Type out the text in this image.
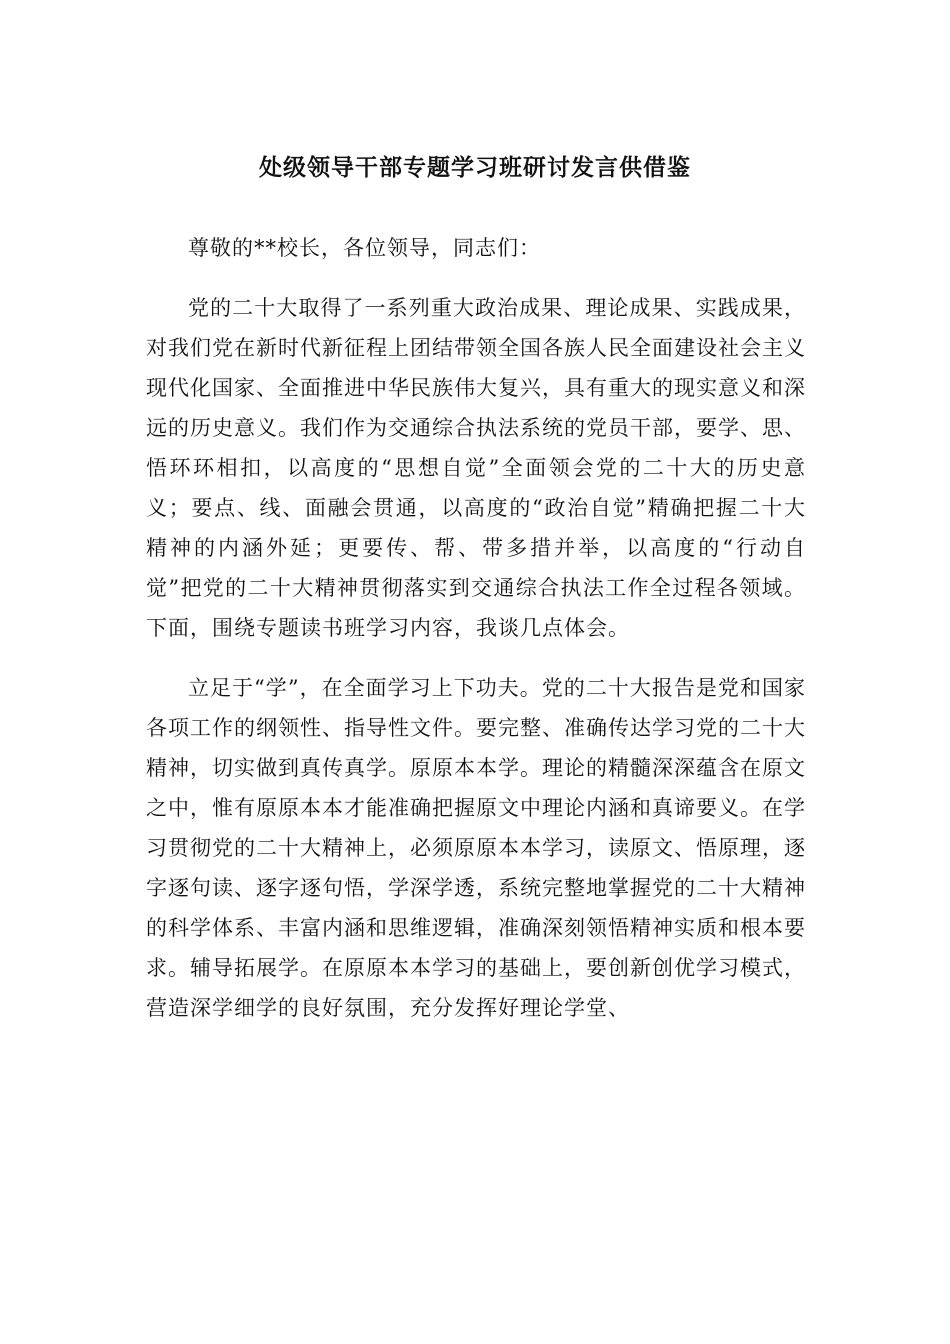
处级领导干部专题学习班研讨发言供借鉴

尊敬的**校长，各位领导，同志们：

党的二十大取得了一系列重大政治成果、理论成果、实践成果，对我们党在新时代新征程上团结带领全国各族人民全面建设社会主义现代化国家、全面推进中华民族伟大复兴，具有重大的现实意义和深远的历史意义。我们作为交通综合执法系统的党员干部，要学、思、悟环环相扣，以高度的“思想自觉”全面领会党的二十大的历史意义；要点、线、面融会贯通，以高度的“政治自觉”精确把握二十大精神的内涵外延；更要传、帮、带多措并举，以高度的“行动自觉”把党的二十大精神贯彻落实到交通综合执法工作全过程各领域。下面，围绕专题读书班学习内容，我谈几点体会。

立足于“学”，在全面学习上下功夫。党的二十大报告是党和国家各项工作的纲领性、指导性文件。要完整、准确传达学习党的二十大精神，切实做到真传真学。原原本本学。理论的精髓深深蕴含在原文之中，惟有原原本本才能准确把握原文中理论内涵和真谛要义。在学习贯彻党的二十大精神上，必须原原本本学习，读原文、悟原理，逐字逐句读、逐字逐句悟，学深学透，系统完整地掌握党的二十大精神的科学体系、丰富内涵和思维逻辑，准确深刻领悟精神实质和根本要求。辅导拓展学。在原原本本学习的基础上，要创新创优学习模式，营造深学细学的良好氛围，充分发挥好理论学堂、
